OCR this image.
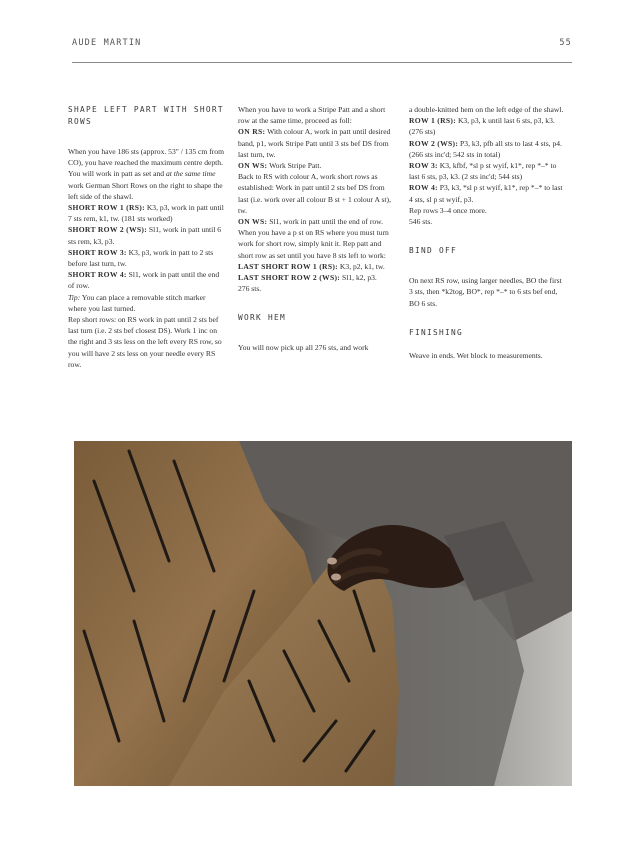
AUDE MARTIN	55
SHAPE LEFT PART WITH SHORT ROWS

When you have 186 sts (approx. 53" / 135 cm from CO), you have reached the maximum centre depth. You will work in patt as set and at the same time work German Short Rows on the right to shape the left side of the shawl.

SHORT ROW 1 (RS): K3, p3, work in patt until 7 sts rem, k1, tw. (181 sts worked)

SHORT ROW 2 (WS): Sl1, work in patt until 6 sts rem, k3, p3.

SHORT ROW 3: K3, p3, work in patt to 2 sts before last turn, tw.

SHORT ROW 4: Sl1, work in patt until the end of row.

Tip: You can place a removable stitch marker where you last turned.

Rep short rows: on RS work in patt until 2 sts bef last turn (i.e. 2 sts bef closest DS). Work 1 inc on the right and 3 sts less on the left every RS row, so you will have 2 sts less on your needle every RS row.

When you have to work a Stripe Patt and a short row at the same time, proceed as foll:

ON RS: With colour A, work in patt until desired band, p1, work Stripe Patt until 3 sts bef DS from last turn, tw.

ON WS: Work Stripe Patt.

Back to RS with colour A, work short rows as established: Work in patt until 2 sts bef DS from last (i.e. work over all colour B st + 1 colour A st), tw.

ON WS: Sl1, work in patt until the end of row.

When you have a p st on RS where you must turn work for short row, simply knit it. Rep patt and short row as set until you have 8 sts left to work:

LAST SHORT ROW 1 (RS): K3, p2, k1, tw.

LAST SHORT ROW 2 (WS): Sl1, k2, p3.

276 sts.

WORK HEM

You will now pick up all 276 sts, and work

a double-knitted hem on the left edge of the shawl.

ROW 1 (RS): K3, p3, k until last 6 sts, p3, k3. (276 sts)

ROW 2 (WS): P3, k3, pfb all sts to last 4 sts, p4. (266 sts inc'd; 542 sts in total)

ROW 3: K3, kfbf, *sl p st wyif, k1*, rep *–* to last 6 sts, p3, k3. (2 sts inc'd; 544 sts)

ROW 4: P3, k3, *sl p st wyif, k1*, rep *–* to last 4 sts, sl p st wyif, p3.

Rep rows 3–4 once more.

546 sts.

BIND OFF

On next RS row, using larger needles, BO the first 3 sts, then *k2tog, BO*, rep *–* to 6 sts bef end, BO 6 sts.

FINISHING

Weave in ends. Wet block to measurements.
